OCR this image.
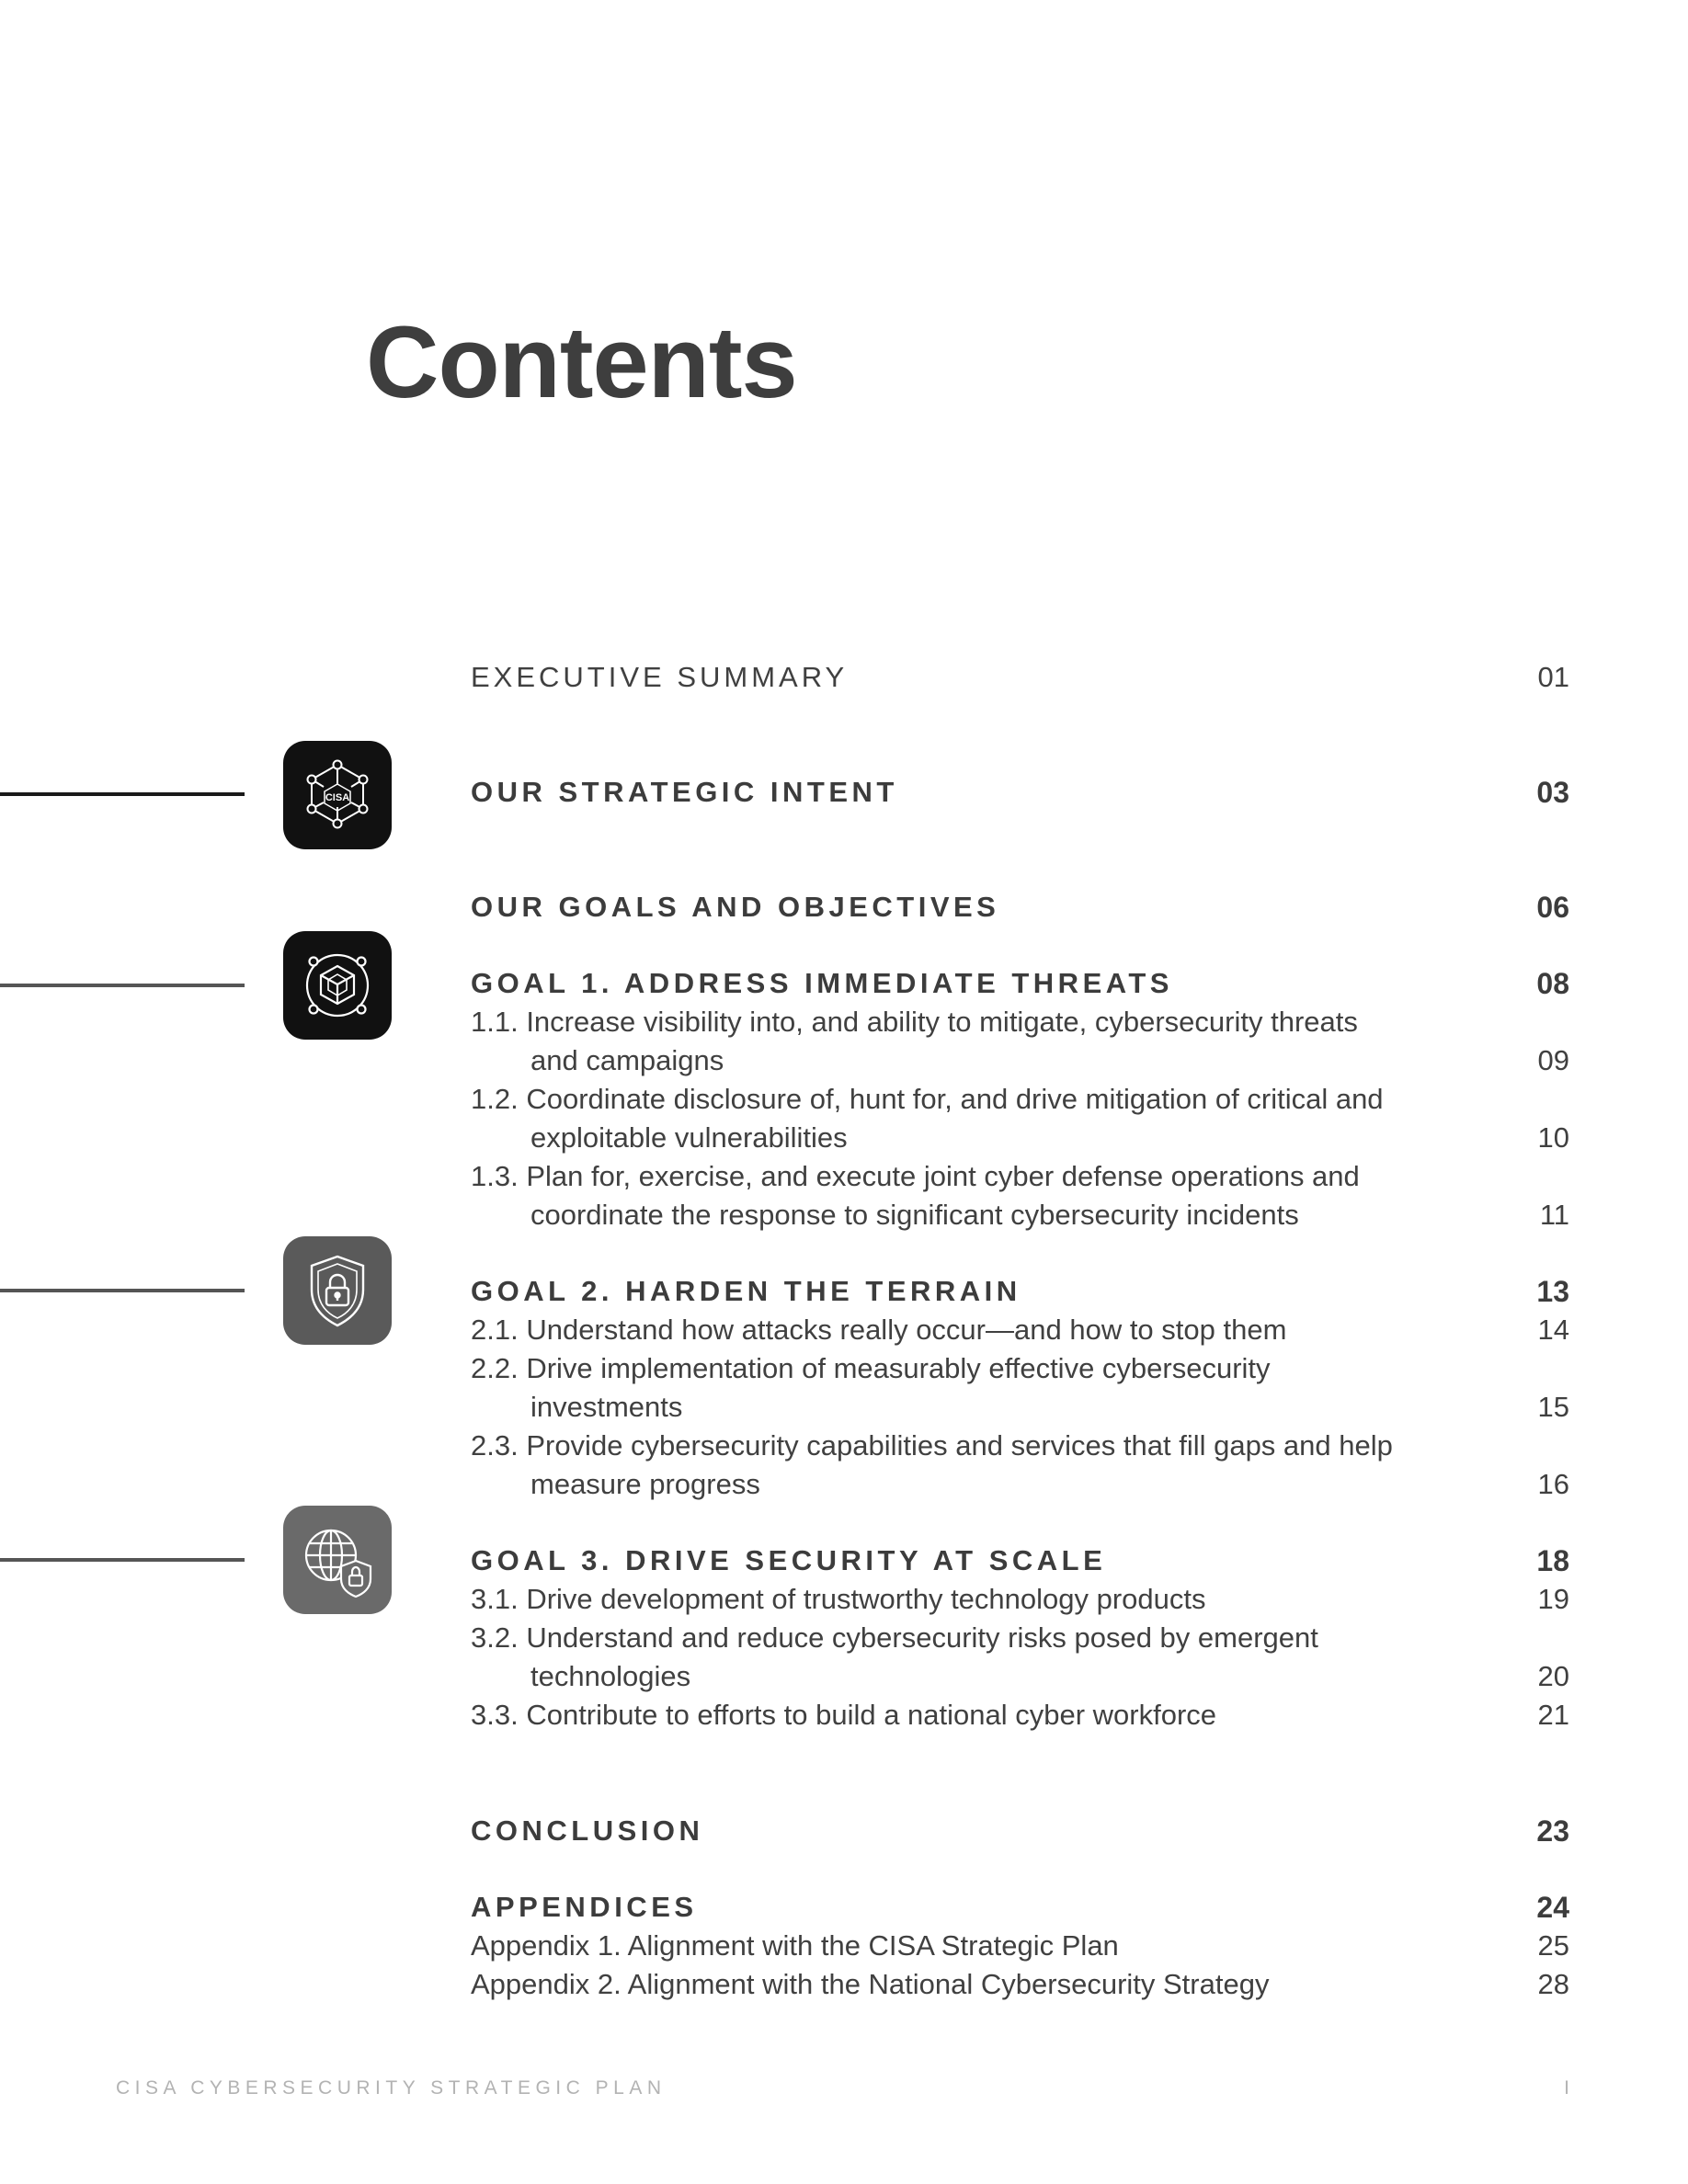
Contents
CISA
EXECUTIVE SUMMARY	01
OUR STRATEGIC INTENT	03
OUR GOALS AND OBJECTIVES	06
GOAL 1. ADDRESS IMMEDIATE THREATS	08
1.1. Increase visibility into, and ability to mitigate, cybersecurity threats
and campaigns	09
1.2. Coordinate disclosure of, hunt for, and drive mitigation of critical and
exploitable vulnerabilities	10
1.3. Plan for, exercise, and execute joint cyber defense operations and
coordinate the response to significant cybersecurity incidents	11
GOAL 2. HARDEN THE TERRAIN	13
2.1. Understand how attacks really occur—and how to stop them	14
2.2. Drive implementation of measurably effective cybersecurity
investments	15
2.3. Provide cybersecurity capabilities and services that fill gaps and help
measure progress	16
GOAL 3. DRIVE SECURITY AT SCALE	18
3.1. Drive development of trustworthy technology products	19
3.2. Understand and reduce cybersecurity risks posed by emergent
technologies	20
3.3. Contribute to efforts to build a national cyber workforce	21
CONCLUSION	23
APPENDICES	24
Appendix 1. Alignment with the CISA Strategic Plan	25
Appendix 2. Alignment with the National Cybersecurity Strategy	28
CISA CYBERSECURITY STRATEGIC PLAN	I
